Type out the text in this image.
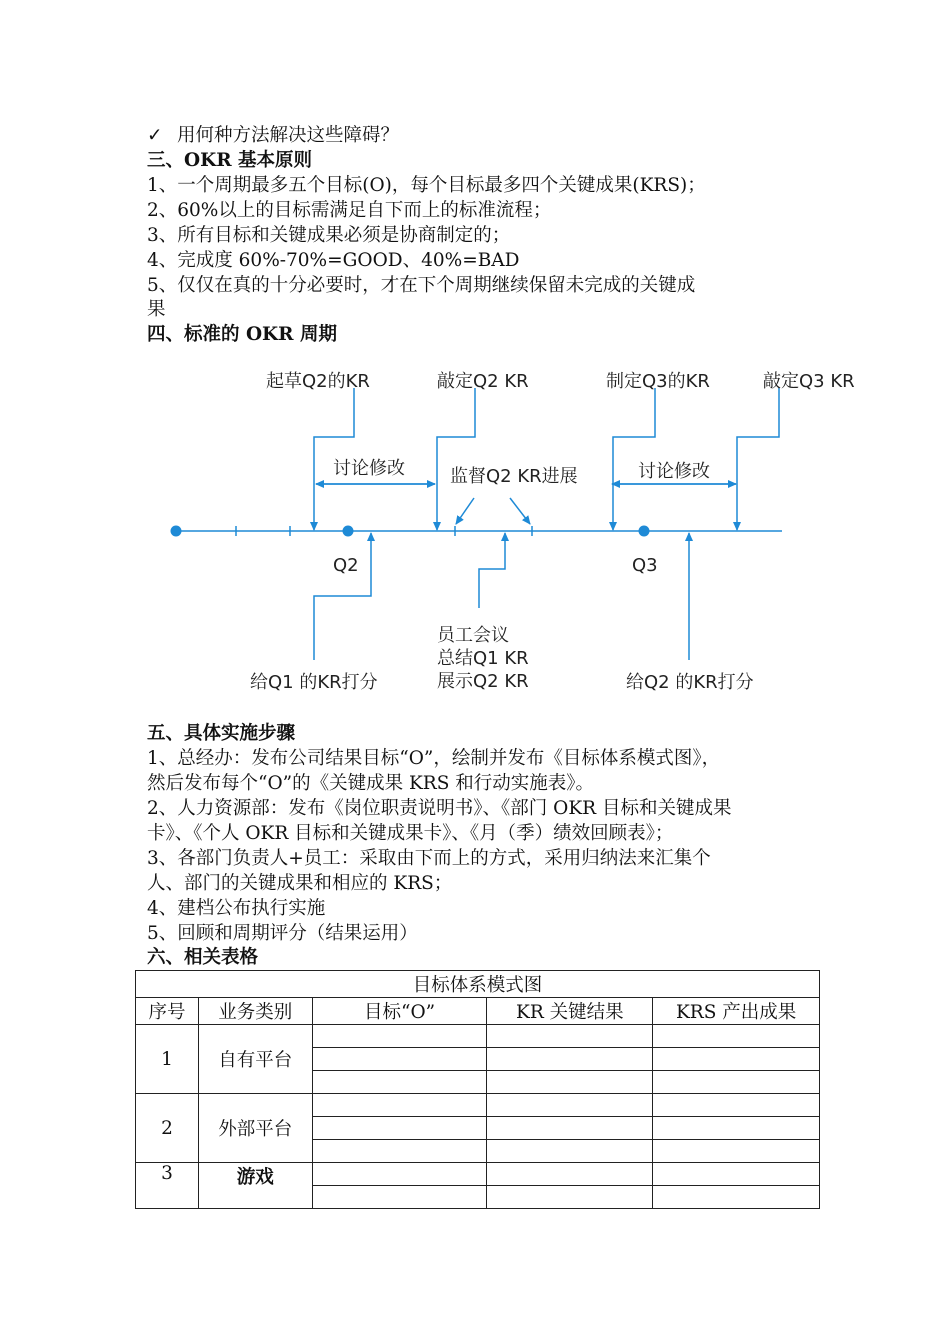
✓ 用何种方法解决这些障碍？
三、OKR 基本原则
1、一个周期最多五个目标(O)，每个目标最多四个关键成果(KRS)；
2、60%以上的目标需满足自下而上的标准流程；
3、所有目标和关键成果必须是协商制定的；
4、完成度 60%-70%=GOOD、40%=BAD
5、仅仅在真的十分必要时，才在下个周期继续保留未完成的关键成
果
四、标准的 OKR 周期
起草Q2的KR	敲定Q2 KR	制定Q3的KR	敲定Q3 KR
讨论修改	讨论修改
监督Q2 KR进展
Q2	Q3
员工会议
总结Q1 KR
展示Q2 KR
给Q1 的KR打分	给Q2 的KR打分
五、具体实施步骤
1、总经办：发布公司结果目标“O”，绘制并发布《目标体系模式图》，
然后发布每个“O”的《关键成果 KRS 和行动实施表》。
2、人力资源部：发布《岗位职责说明书》、《部门 OKR 目标和关键成果
卡》、《个人 OKR 目标和关键成果卡》、《月（季）绩效回顾表》；
3、各部门负责人+员工：采取由下而上的方式，采用归纳法来汇集个
人、部门的关键成果和相应的 KRS；
4、建档公布执行实施
5、回顾和周期评分（结果运用）
六、相关表格
目标体系模式图				
序号	业务类别	目标“O”	KR 关键结果	KRS 产出成果
1	自有平台			

2	外部平台			

3	游戏			
